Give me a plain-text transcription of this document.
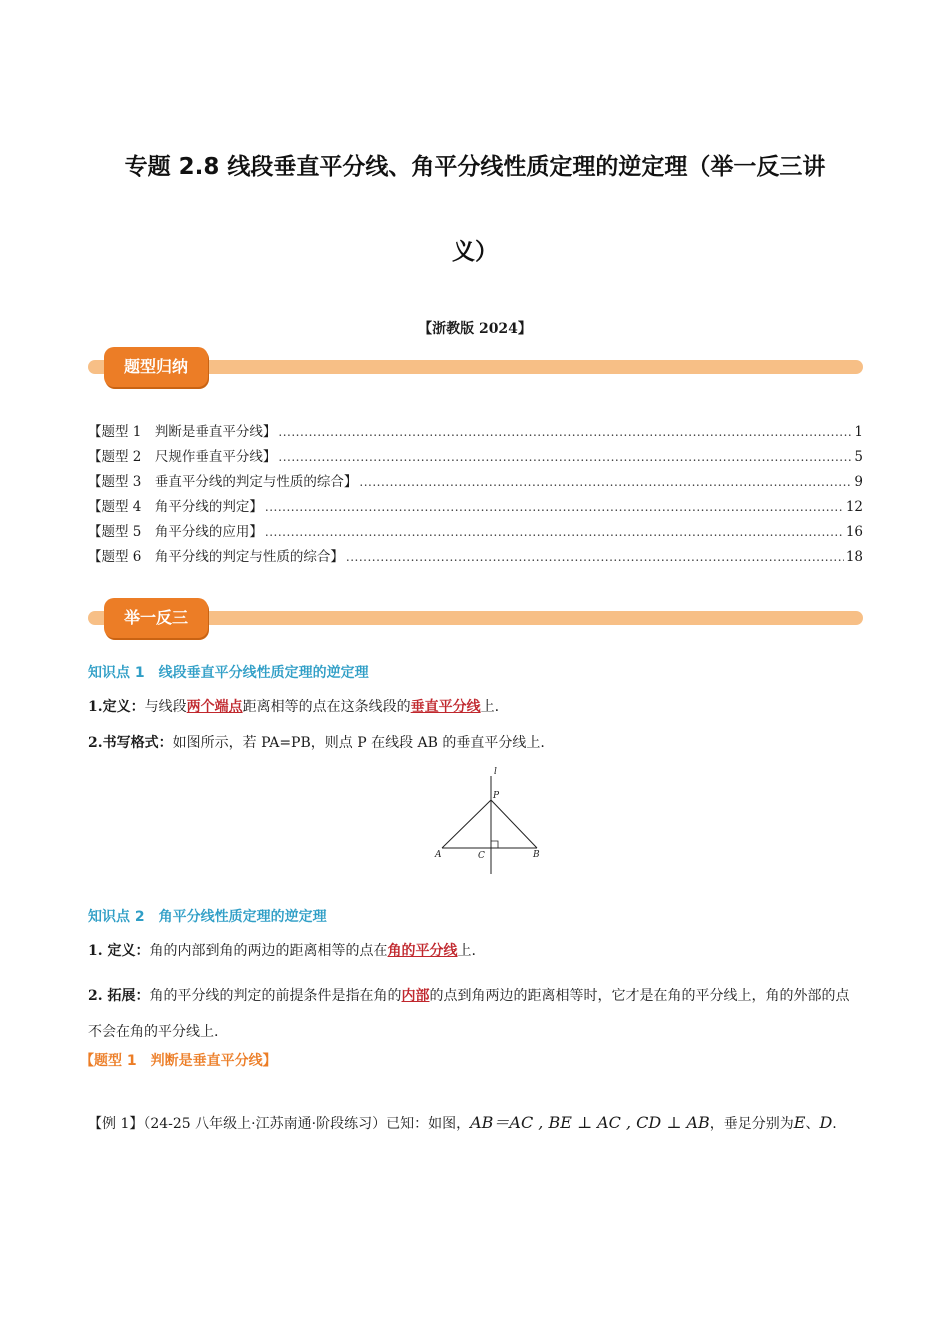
专题 2.8 线段垂直平分线、角平分线性质定理的逆定理（举一反三讲
义）
【浙教版 2024】
题型归纳
【题型 1　判断是垂直平分线】 .....	1
【题型 2　尺规作垂直平分线】 .....	5
【题型 3　垂直平分线的判定与性质的综合】 .....	9
【题型 4　角平分线的判定】 .....	12
【题型 5　角平分线的应用】 .....	16
【题型 6　角平分线的判定与性质的综合】 .....	18
举一反三
知识点 1　线段垂直平分线性质定理的逆定理
1.定义：与线段两个端点距离相等的点在这条线段的垂直平分线上.
2.书写格式：如图所示，若 PA=PB，则点 P 在线段 AB 的垂直平分线上.
l
P
A	C	B
知识点 2　角平分线性质定理的逆定理
1. 定义：角的内部到角的两边的距离相等的点在角的平分线上.
2. 拓展：角的平分线的判定的前提条件是指在角的内部的点到角两边的距离相等时，它才是在角的平分线上，角的外部的点不会在角的平分线上.
【题型 1　判断是垂直平分线】
【例 1】（24-25 八年级上·江苏南通·阶段练习）已知：如图，AB＝AC , BE ⊥ AC , CD ⊥ AB，垂足分别为E、D.
